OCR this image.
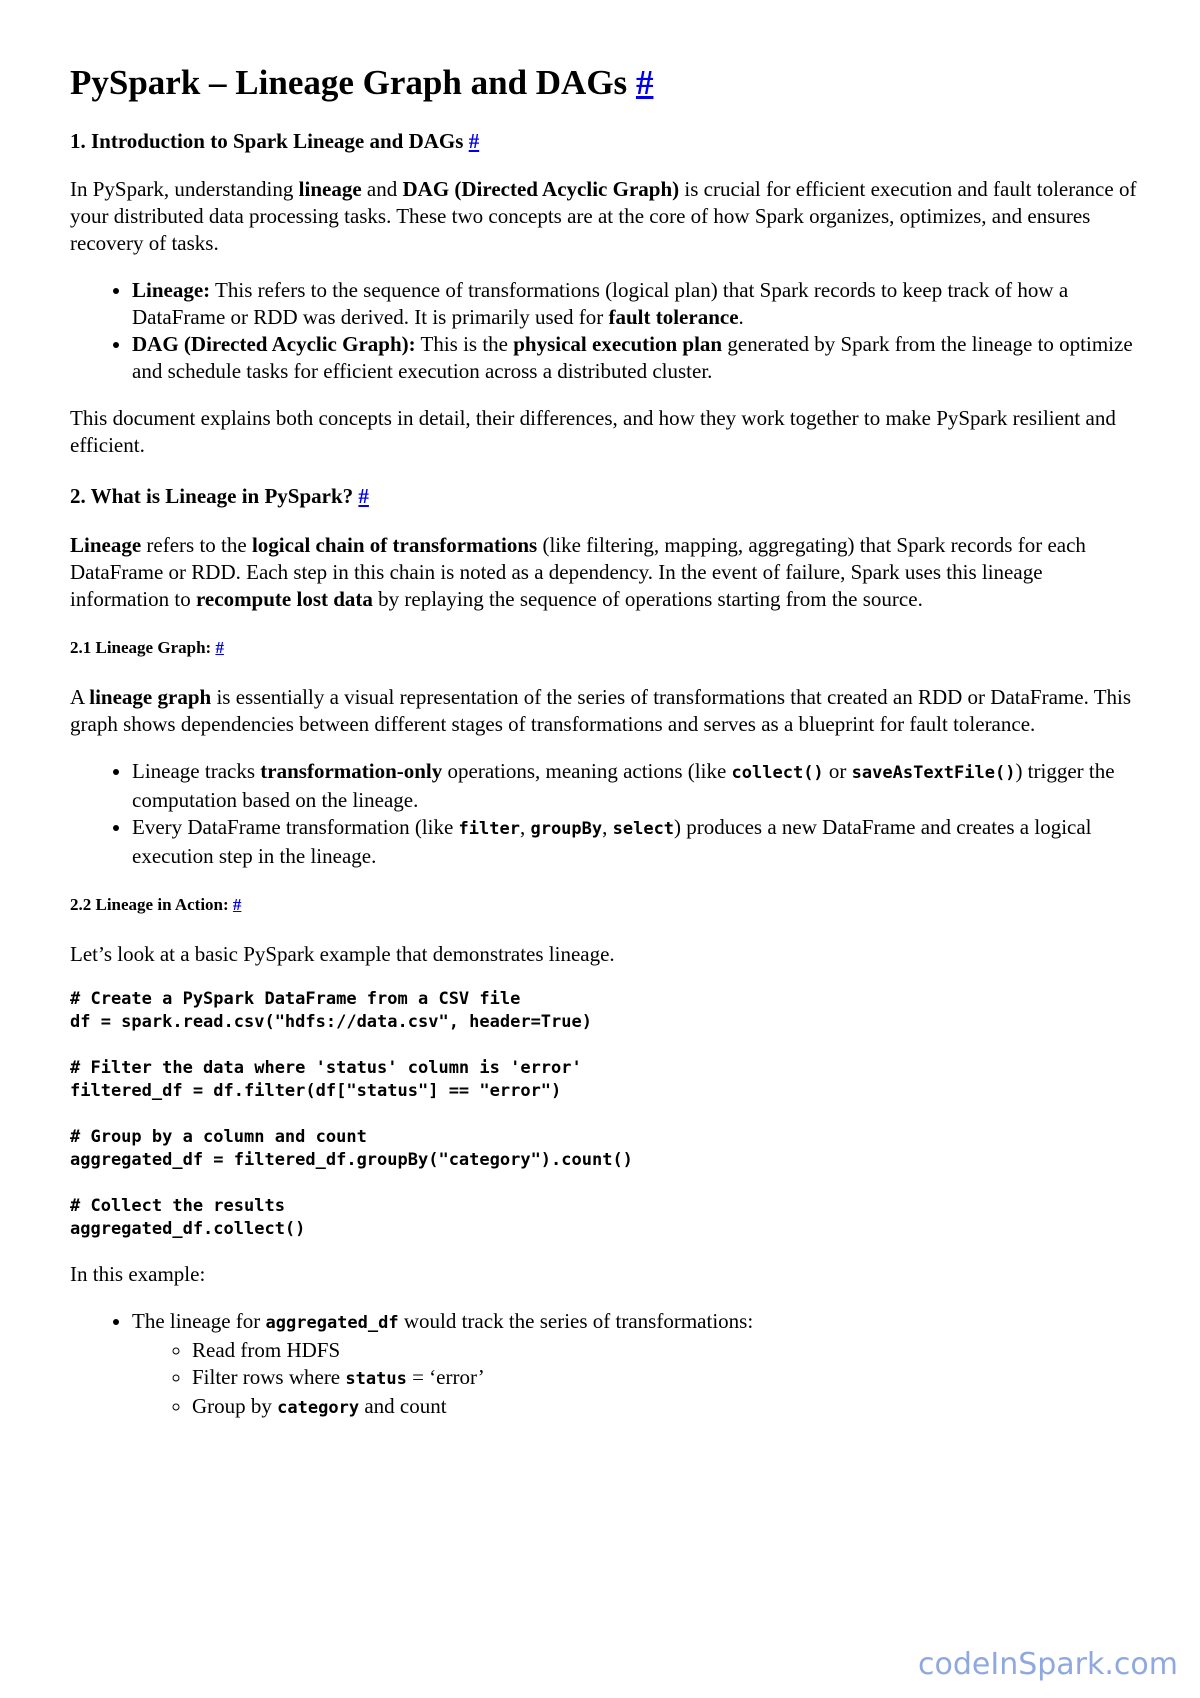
PySpark – Lineage Graph and DAGs #
1. Introduction to Spark Lineage and DAGs #

In PySpark, understanding lineage and DAG (Directed Acyclic Graph) is crucial for efficient execution and fault tolerance of your distributed data processing tasks. These two concepts are at the core of how Spark organizes, optimizes, and ensures recovery of tasks.

• Lineage: This refers to the sequence of transformations (logical plan) that Spark records to keep track of how a DataFrame or RDD was derived. It is primarily used for fault tolerance.
• DAG (Directed Acyclic Graph): This is the physical execution plan generated by Spark from the lineage to optimize and schedule tasks for efficient execution across a distributed cluster.

This document explains both concepts in detail, their differences, and how they work together to make PySpark resilient and efficient.

2. What is Lineage in PySpark? #

Lineage refers to the logical chain of transformations (like filtering, mapping, aggregating) that Spark records for each DataFrame or RDD. Each step in this chain is noted as a dependency. In the event of failure, Spark uses this lineage information to recompute lost data by replaying the sequence of operations starting from the source.

2.1 Lineage Graph: #

A lineage graph is essentially a visual representation of the series of transformations that created an RDD or DataFrame. This graph shows dependencies between different stages of transformations and serves as a blueprint for fault tolerance.

• Lineage tracks transformation-only operations, meaning actions (like collect() or saveAsTextFile()) trigger the computation based on the lineage.
• Every DataFrame transformation (like filter, groupBy, select) produces a new DataFrame and creates a logical execution step in the lineage.
2.2 Lineage in Action: #

Let’s look at a basic PySpark example that demonstrates lineage.

# Create a PySpark DataFrame from a CSV file
df = spark.read.csv("hdfs://data.csv", header=True)
# Filter the data where 'status' column is 'error'
filtered_df = df.filter(df["status"] == "error")
# Group by a column and count
aggregated_df = filtered_df.groupBy("category").count()
# Collect the results
aggregated_df.collect()

In this example:

• The lineage for aggregated_df would track the series of transformations:
◦ Read from HDFS
◦ Filter rows where status = ‘error’
◦ Group by category and count
codeInSpark.com
